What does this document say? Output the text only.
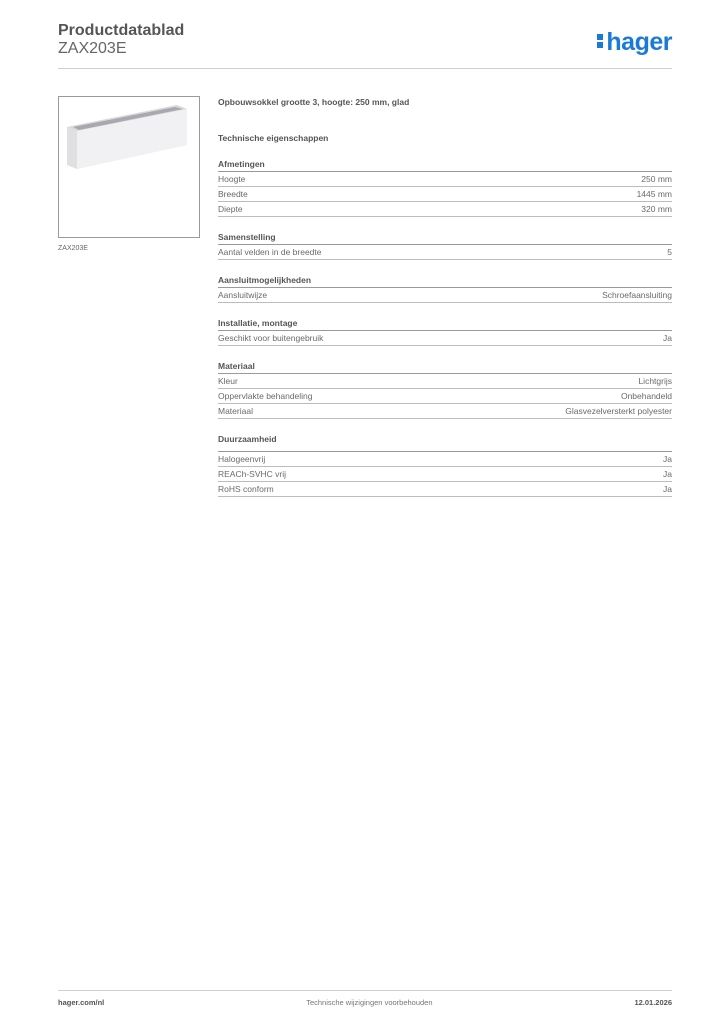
Productdatablad
ZAX203E	hager
ZAX203E
Opbouwsokkel grootte 3, hoogte: 250 mm, glad
Technische eigenschappen
Afmetingen
Hoogte	250 mm
Breedte	1445 mm
Diepte	320 mm
Samenstelling
Aantal velden in de breedte	5
Aansluitmogelijkheden
Aansluitwijze	Schroefaansluiting
Installatie, montage
Geschikt voor buitengebruik	Ja
Materiaal
Kleur	Lichtgrijs
Oppervlakte behandeling	Onbehandeld
Materiaal	Glasvezelversterkt polyester
Duurzaamheid
Halogeenvrij	Ja
REACh-SVHC vrij	Ja
RoHS conform	Ja
hager.com/nl	Technische wijzigingen voorbehouden	12.01.2026
